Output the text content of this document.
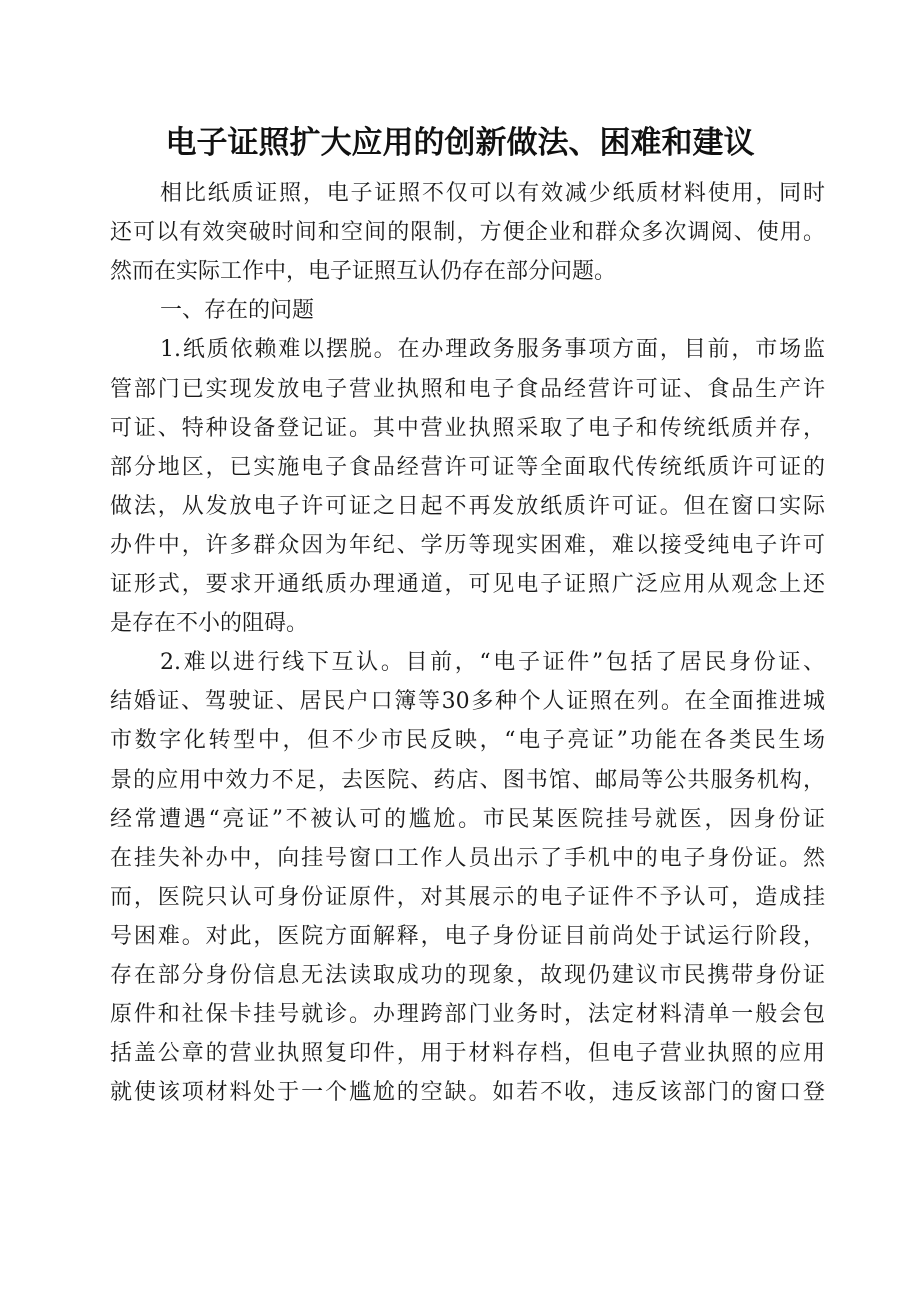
电子证照扩大应用的创新做法、困难和建议
相比纸质证照，电子证照不仅可以有效减少纸质材料使用，同时
还可以有效突破时间和空间的限制，方便企业和群众多次调阅、使用。
然而在实际工作中，电子证照互认仍存在部分问题。
一、存在的问题
1.纸质依赖难以摆脱。在办理政务服务事项方面，目前，市场监
管部门已实现发放电子营业执照和电子食品经营许可证、食品生产许
可证、特种设备登记证。其中营业执照采取了电子和传统纸质并存，
部分地区，已实施电子食品经营许可证等全面取代传统纸质许可证的
做法，从发放电子许可证之日起不再发放纸质许可证。但在窗口实际
办件中，许多群众因为年纪、学历等现实困难，难以接受纯电子许可
证形式，要求开通纸质办理通道，可见电子证照广泛应用从观念上还
是存在不小的阻碍。
2.难以进行线下互认。目前，“电子证件”包括了居民身份证、
结婚证、驾驶证、居民户口簿等30多种个人证照在列。在全面推进城
市数字化转型中，但不少市民反映，“电子亮证”功能在各类民生场
景的应用中效力不足，去医院、药店、图书馆、邮局等公共服务机构，
经常遭遇“亮证”不被认可的尴尬。市民某医院挂号就医，因身份证
在挂失补办中，向挂号窗口工作人员出示了手机中的电子身份证。然
而，医院只认可身份证原件，对其展示的电子证件不予认可，造成挂
号困难。对此，医院方面解释，电子身份证目前尚处于试运行阶段，
存在部分身份信息无法读取成功的现象，故现仍建议市民携带身份证
原件和社保卡挂号就诊。办理跨部门业务时，法定材料清单一般会包
括盖公章的营业执照复印件，用于材料存档，但电子营业执照的应用
就使该项材料处于一个尴尬的空缺。如若不收，违反该部门的窗口登
